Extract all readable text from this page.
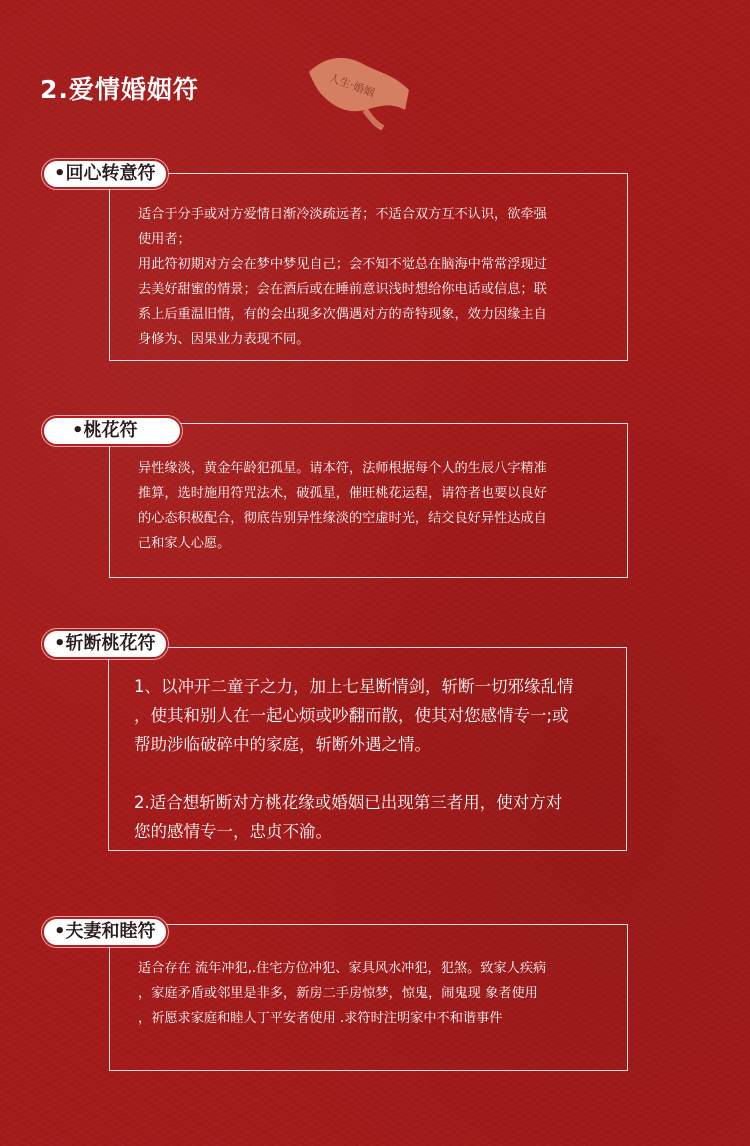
2.爱情婚姻符	人生·婚姻
•回心转意符

适合于分手或对方爱情日渐冷淡疏远者；不适合双方互不认识，欲牵强
使用者；
用此符初期对方会在梦中梦见自己；会不知不觉总在脑海中常常浮现过
去美好甜蜜的情景；会在酒后或在睡前意识浅时想给你电话或信息；联
系上后重温旧情，有的会出现多次偶遇对方的奇特现象，效力因缘主自
身修为、因果业力表现不同。

•桃花符

异性缘淡，黄金年龄犯孤星。请本符，法师根据每个人的生辰八字精准
推算，选时施用符咒法术，破孤星，催旺桃花运程，请符者也要以良好
的心态积极配合，彻底告别异性缘淡的空虚时光，结交良好异性达成自
己和家人心愿。

•斩断桃花符

1、以冲开二童子之力，加上七星断情剑，斩断一切邪缘乱情
，使其和别人在一起心烦或吵翻而散，使其对您感情专一;或
帮助涉临破碎中的家庭，斩断外遇之情。

2.适合想斩断对方桃花缘或婚姻已出现第三者用，使对方对
您的感情专一，忠贞不渝。

•夫妻和睦符

适合存在 流年冲犯,.住宅方位冲犯、家具风水冲犯，犯煞。致家人疾病
，家庭矛盾或邻里是非多，新房二手房惊梦，惊鬼，闹鬼现 象者使用
，祈愿求家庭和睦人丁平安者使用 .求符时注明家中不和谐事件
